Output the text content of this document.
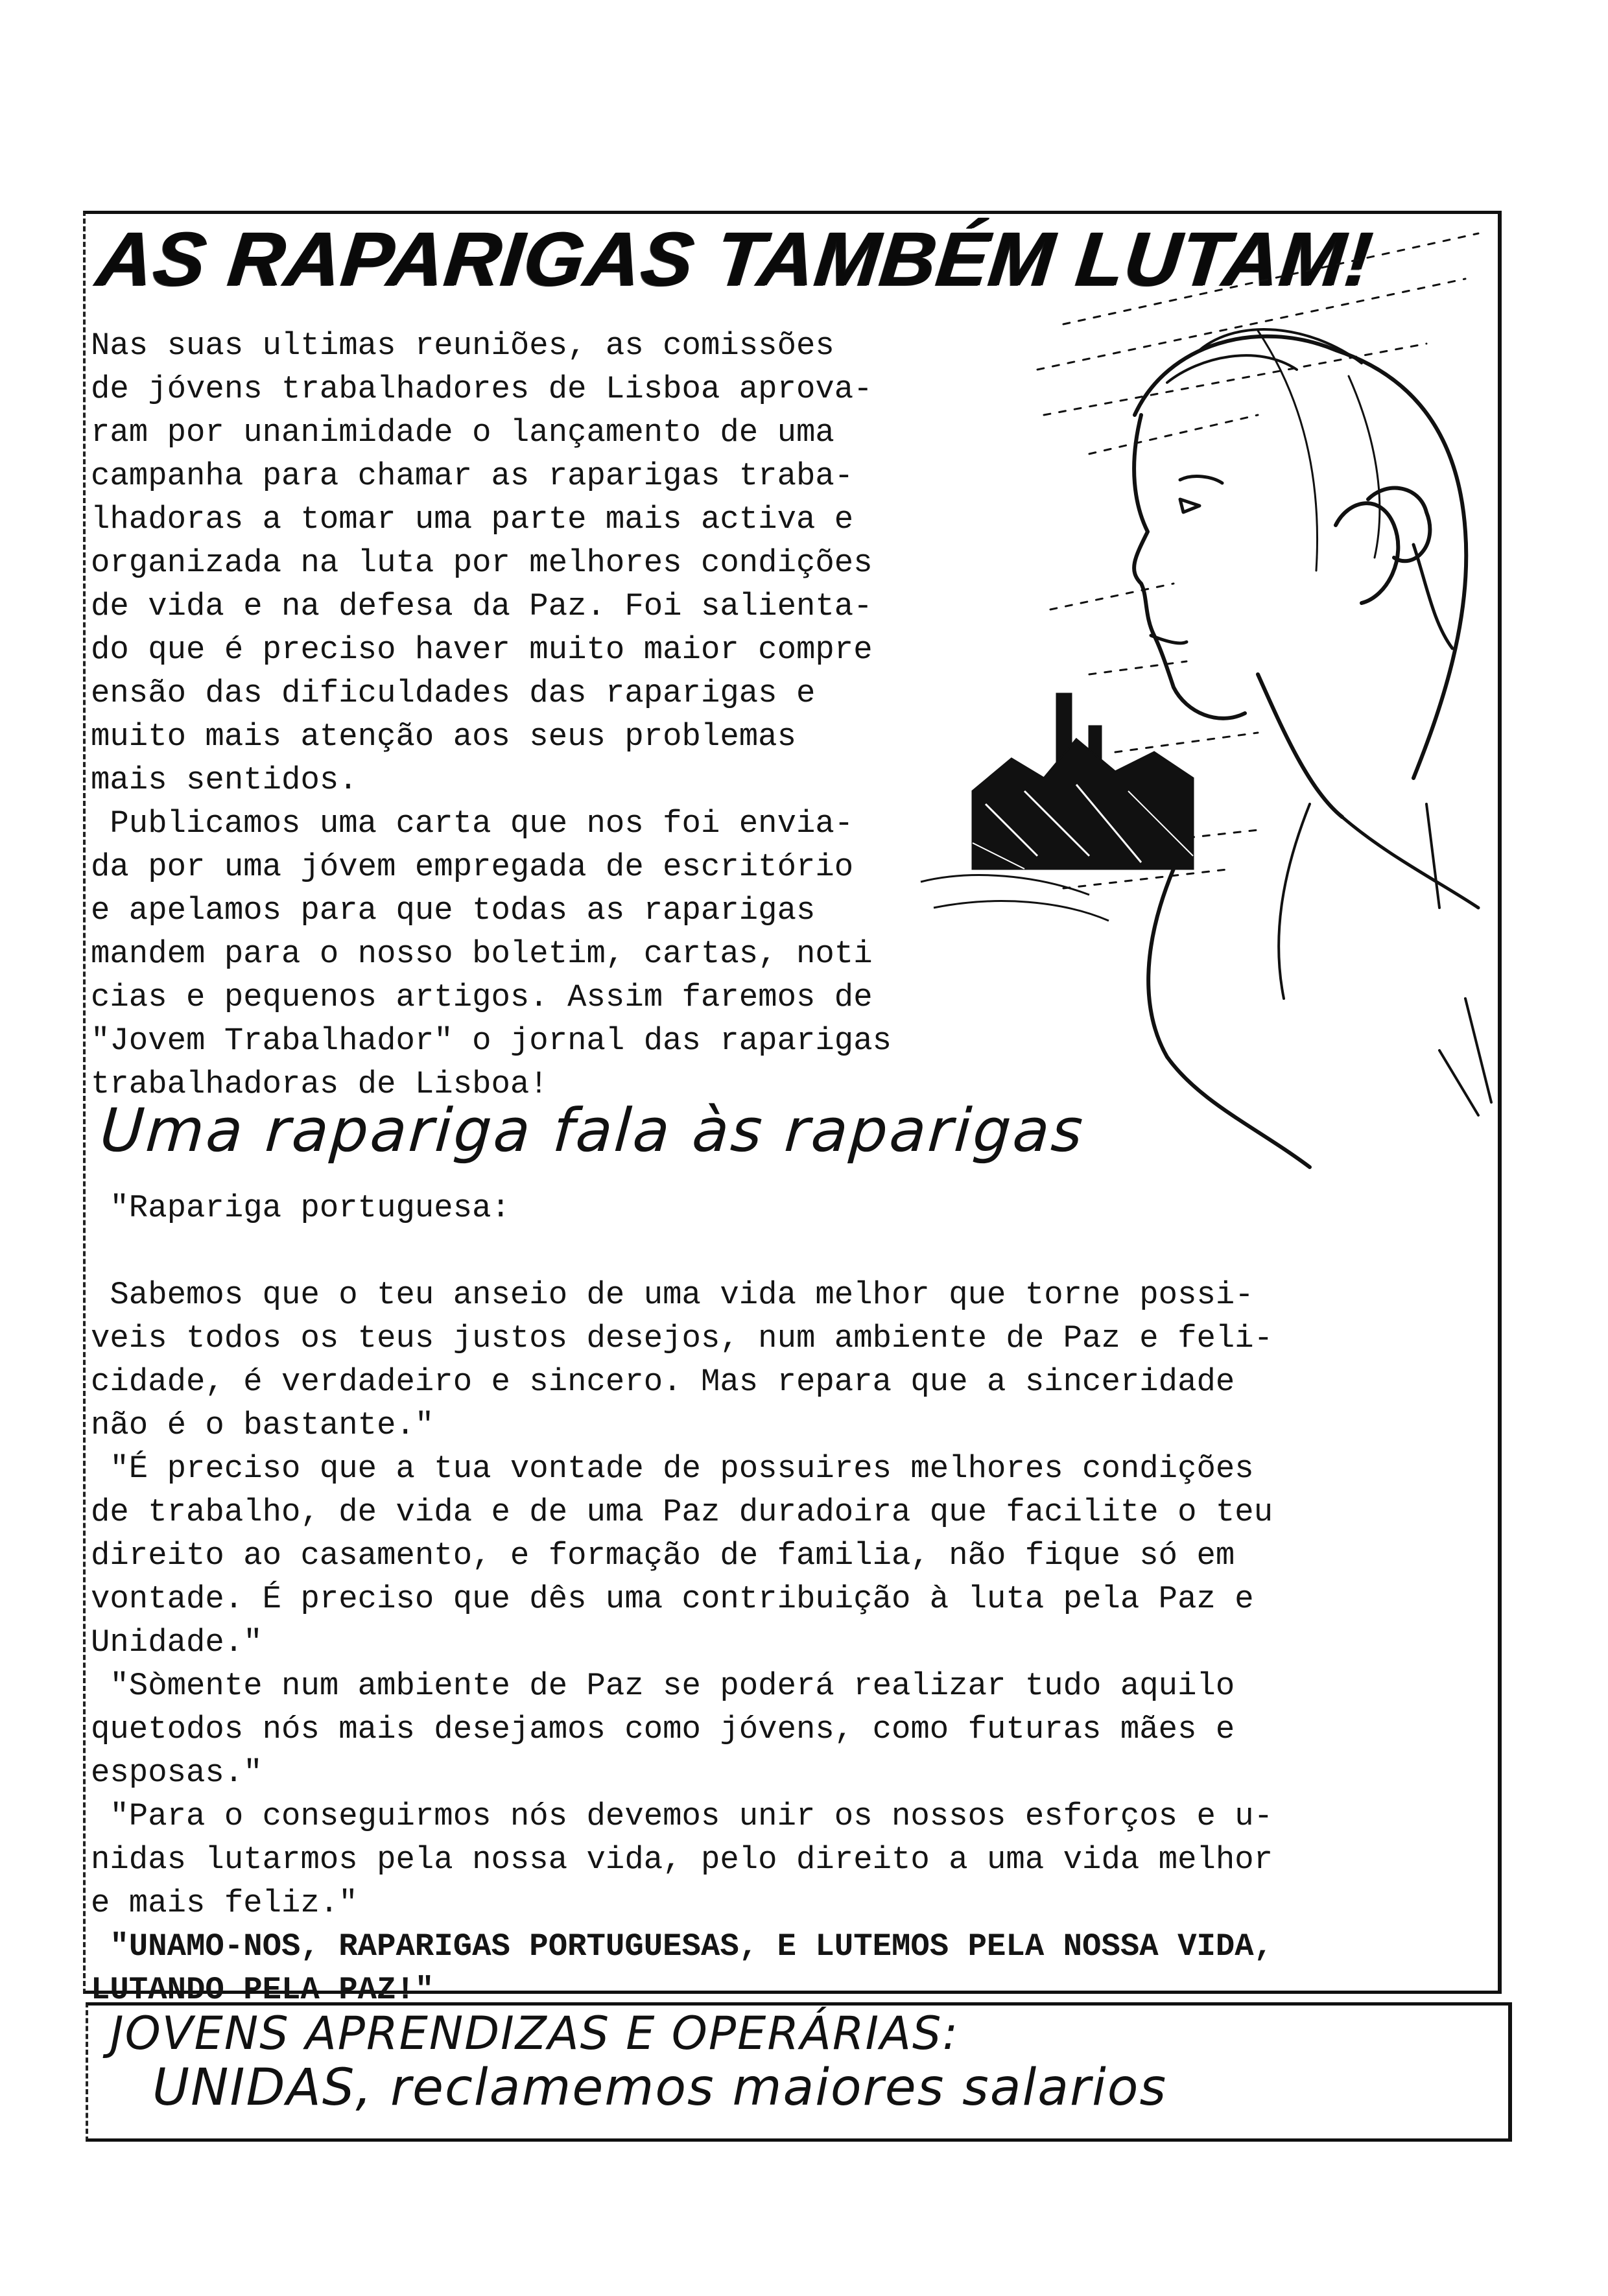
AS RAPARIGAS TAMBÉM LUTAM!
Nas suas ultimas reuniões, as comissões
de jóvens trabalhadores de Lisboa aprova-
ram por unanimidade o lançamento de uma
campanha para chamar as raparigas traba-
lhadoras a tomar uma parte mais activa e
organizada na luta por melhores condições
de vida e na defesa da Paz. Foi salienta-
do que é preciso haver muito maior compre
ensão das dificuldades das raparigas e
muito mais atenção aos seus problemas
mais sentidos.
Publicamos uma carta que nos foi envia-
da por uma jóvem empregada de escritório
e apelamos para que todas as raparigas
mandem para o nosso boletim, cartas, noti
cias e pequenos artigos. Assim faremos de
"Jovem Trabalhador" o jornal das raparigas
trabalhadoras de Lisboa!
Uma rapariga fala às raparigas
"Rapariga portuguesa:
Sabemos que o teu anseio de uma vida melhor que torne possi-
veis todos os teus justos desejos, num ambiente de Paz e feli-
cidade, é verdadeiro e sincero. Mas repara que a sinceridade
não é o bastante."
"É preciso que a tua vontade de possuires melhores condições
de trabalho, de vida e de uma Paz duradoira que facilite o teu
direito ao casamento, e formação de familia, não fique só em
vontade. É preciso que dês uma contribuição à luta pela Paz e
Unidade."
"Sòmente num ambiente de Paz se poderá realizar tudo aquilo
quetodos nós mais desejamos como jóvens, como futuras mães e
esposas."
"Para o conseguirmos nós devemos unir os nossos esforços e u-
nidas lutarmos pela nossa vida, pelo direito a uma vida melhor
e mais feliz."
"UNAMO-NOS, RAPARIGAS PORTUGUESAS, E LUTEMOS PELA NOSSA VIDA,
LUTANDO PELA PAZ!"
JOVENS APRENDIZAS E OPERÁRIAS:
UNIDAS, reclamemos maiores salarios
